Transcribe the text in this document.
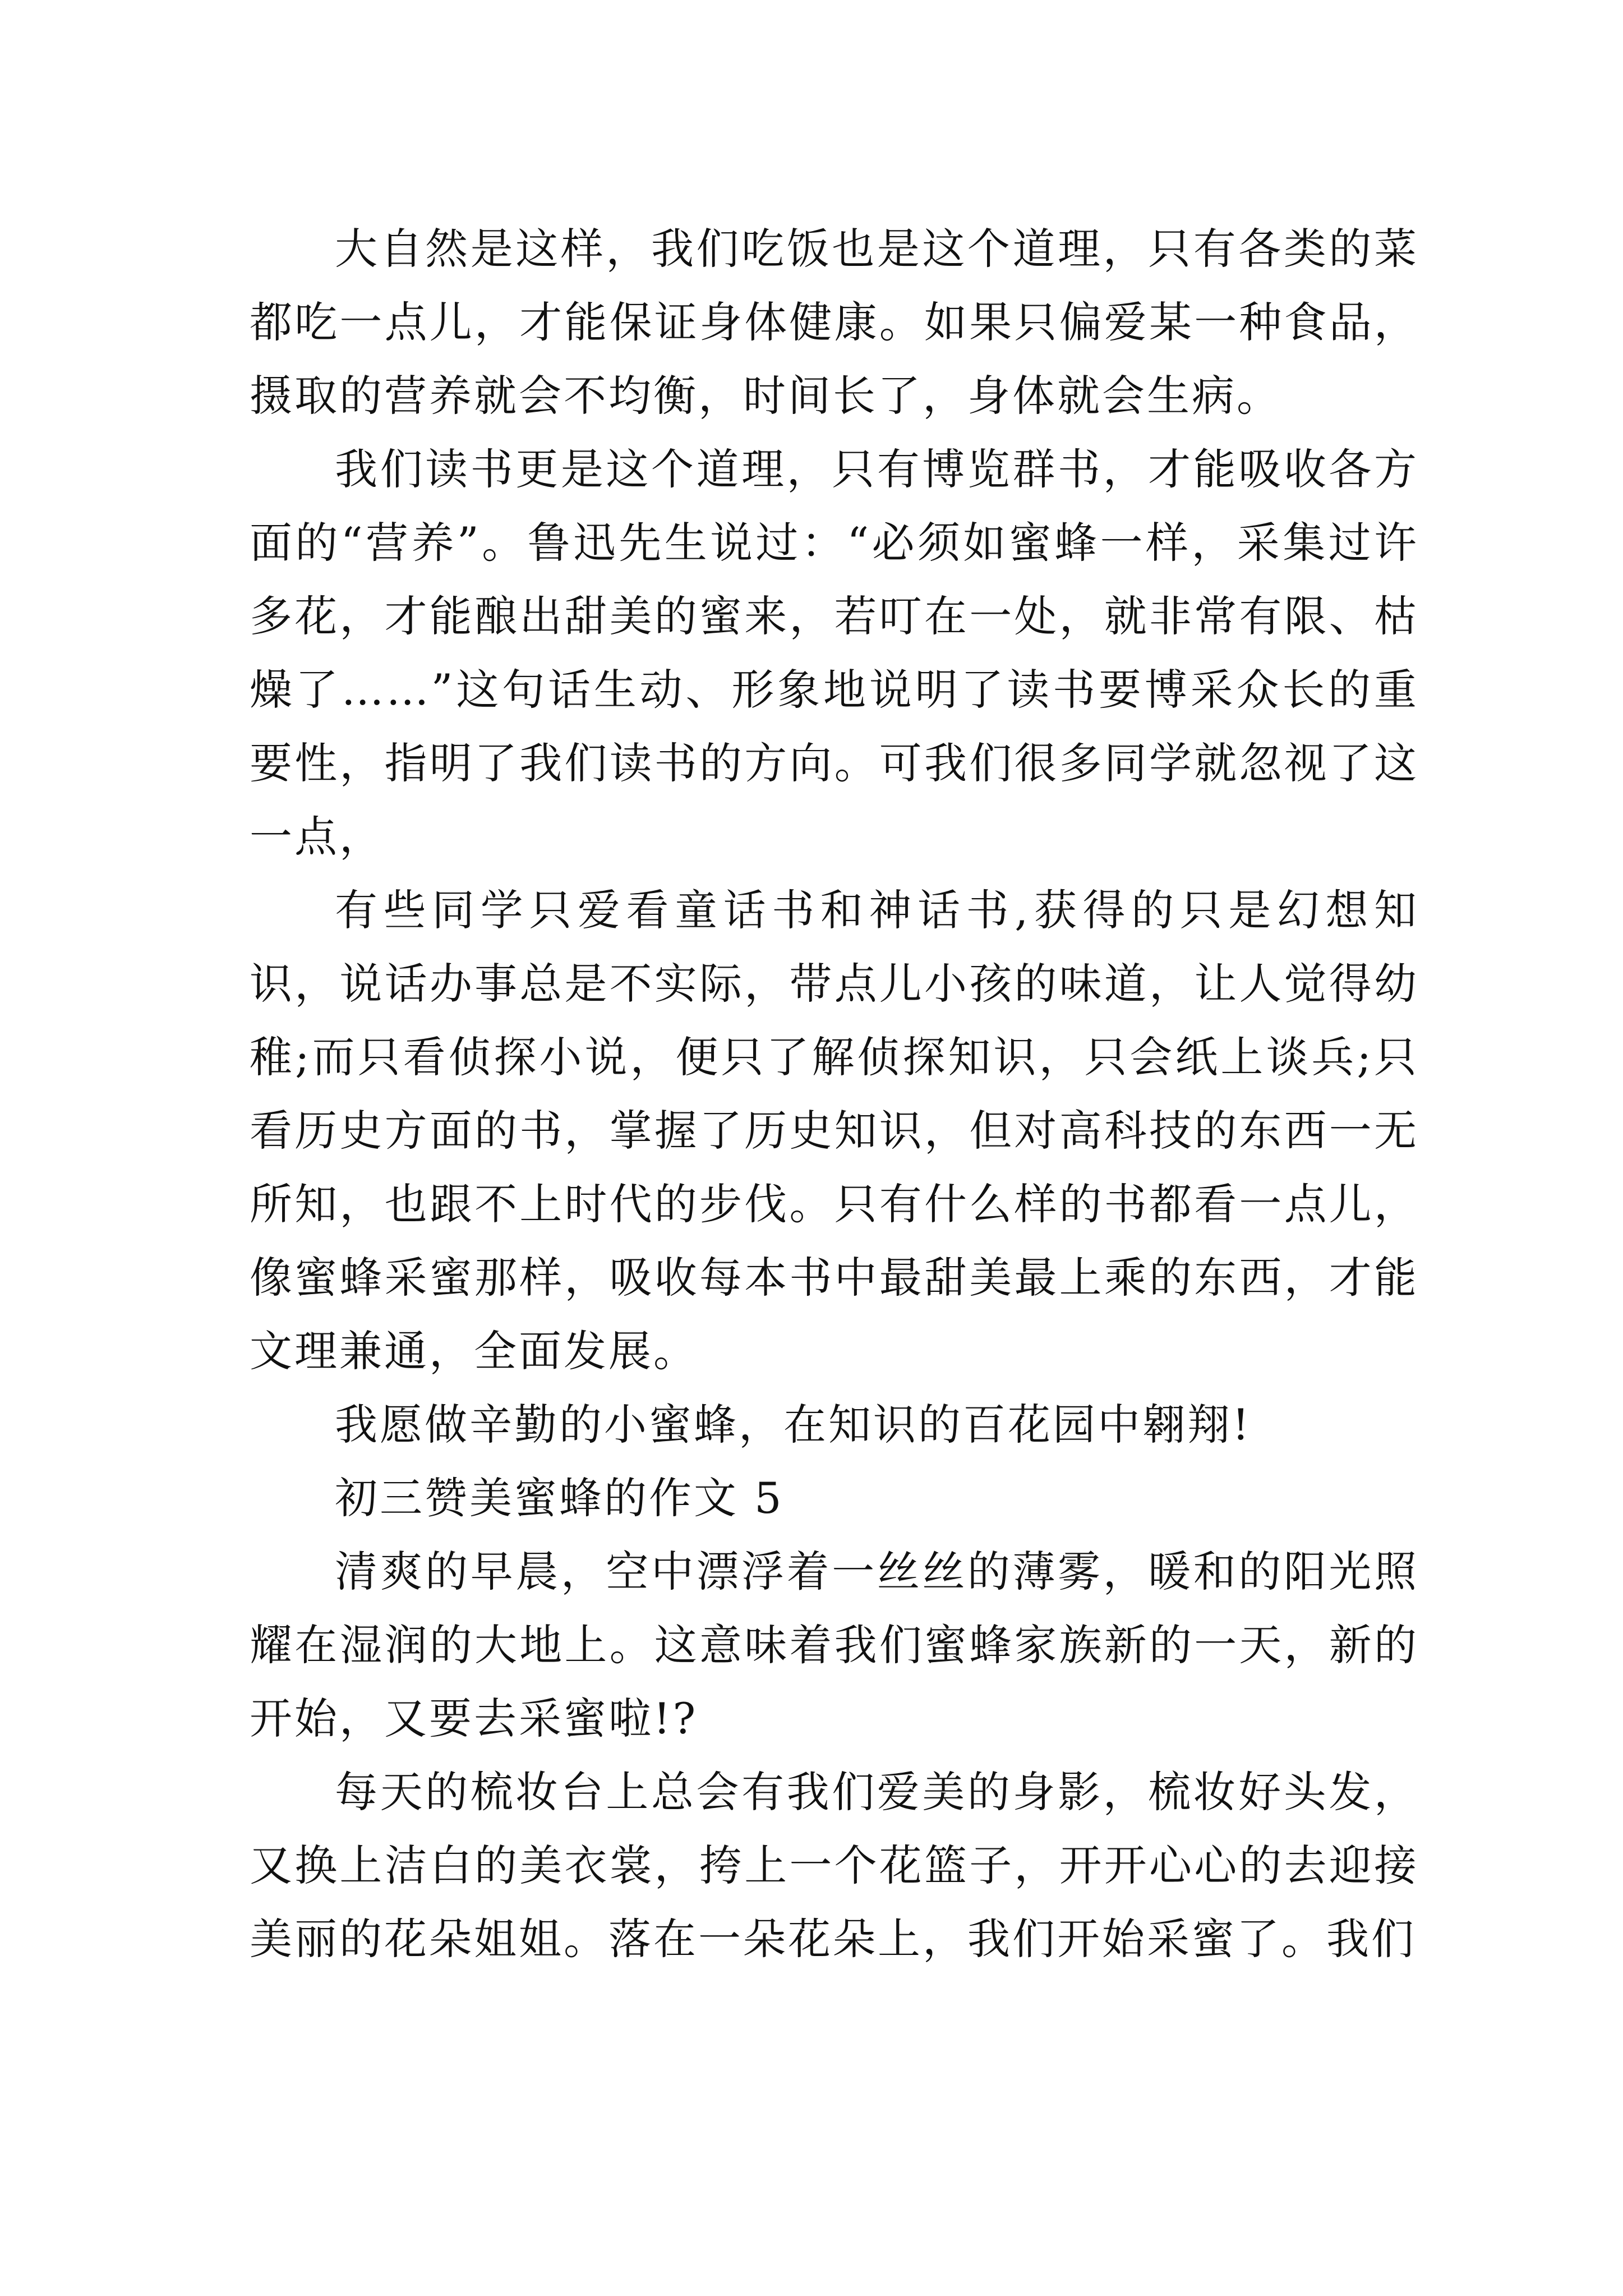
大自然是这样，我们吃饭也是这个道理，只有各类的菜都吃一点儿，才能保证身体健康。如果只偏爱某一种食品，摄取的营养就会不均衡，时间长了，身体就会生病。

我们读书更是这个道理，只有博览群书，才能吸收各方面的“营养”。鲁迅先生说过：“必须如蜜蜂一样，采集过许多花，才能酿出甜美的蜜来，若叮在一处，就非常有限、枯燥了……”这句话生动、形象地说明了读书要博采众长的重要性，指明了我们读书的方向。可我们很多同学就忽视了这一点，

有些同学只爱看童话书和神话书,获得的只是幻想知识，说话办事总是不实际，带点儿小孩的味道，让人觉得幼稚;而只看侦探小说，便只了解侦探知识，只会纸上谈兵;只看历史方面的书，掌握了历史知识，但对高科技的东西一无所知，也跟不上时代的步伐。只有什么样的书都看一点儿，像蜜蜂采蜜那样，吸收每本书中最甜美最上乘的东西，才能文理兼通，全面发展。

我愿做辛勤的小蜜蜂，在知识的百花园中翱翔!

初三赞美蜜蜂的作文 5

清爽的早晨，空中漂浮着一丝丝的薄雾，暖和的阳光照耀在湿润的大地上。这意味着我们蜜蜂家族新的一天，新的开始，又要去采蜜啦!?

每天的梳妆台上总会有我们爱美的身影，梳妆好头发，又换上洁白的美衣裳，挎上一个花篮子，开开心心的去迎接美丽的花朵姐姐。落在一朵花朵上，我们开始采蜜了。我们
